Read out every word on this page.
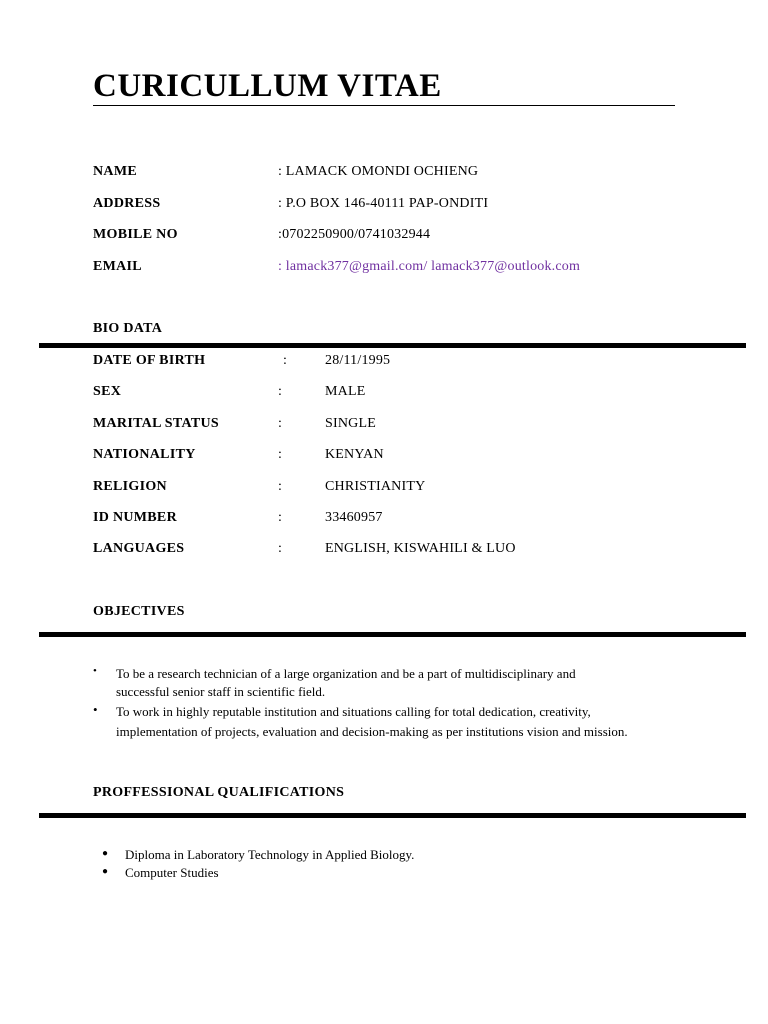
CURICULLUM VITAE
NAME	: LAMACK OMONDI OCHIENG
ADDRESS	: P.O BOX 146-40111 PAP-ONDITI
MOBILE NO	:0702250900/0741032944
EMAIL	: lamack377@gmail.com/ lamack377@outlook.com
BIO DATA
DATE OF BIRTH	:	28/11/1995
SEX	:	MALE
MARITAL STATUS	:	SINGLE
NATIONALITY	:	KENYAN
RELIGION	:	CHRISTIANITY
ID NUMBER	:	33460957
LANGUAGES	:	ENGLISH, KISWAHILI & LUO
OBJECTIVES
• To be a research technician of a large organization and be a part of multidisciplinary and
successful senior staff in scientific field.
• To work in highly reputable institution and situations calling for total dedication, creativity,
implementation of projects, evaluation and decision-making as per institutions vision and mission.
PROFFESSIONAL QUALIFICATIONS
● Diploma in Laboratory Technology in Applied Biology.
● Computer Studies
